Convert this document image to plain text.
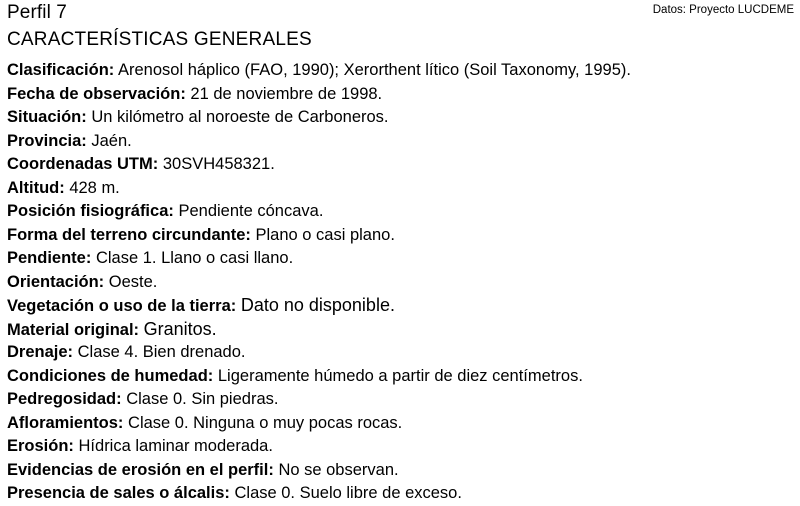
Perfil 7
CARACTERÍSTICAS GENERALES
Datos: Proyecto LUCDEME
Clasificación: Arenosol háplico (FAO, 1990); Xerorthent lítico (Soil Taxonomy, 1995).
Fecha de observación: 21 de noviembre de 1998.
Situación: Un kilómetro al noroeste de Carboneros.
Provincia: Jaén.
Coordenadas UTM: 30SVH458321.
Altitud: 428 m.
Posición fisiográfica: Pendiente cóncava.
Forma del terreno circundante: Plano o casi plano.
Pendiente: Clase 1. Llano o casi llano.
Orientación: Oeste.
Vegetación o uso de la tierra: Dato no disponible.
Material original: Granitos.
Drenaje: Clase 4. Bien drenado.
Condiciones de humedad: Ligeramente húmedo a partir de diez centímetros.
Pedregosidad: Clase 0. Sin piedras.
Afloramientos: Clase 0. Ninguna o muy pocas rocas.
Erosión: Hídrica laminar moderada.
Evidencias de erosión en el perfil: No se observan.
Presencia de sales o álcalis: Clase 0. Suelo libre de exceso.
